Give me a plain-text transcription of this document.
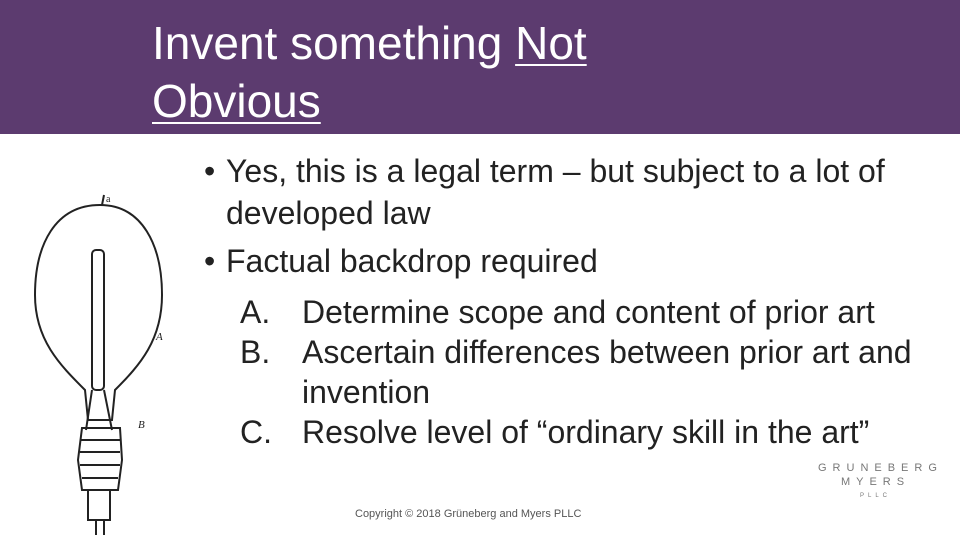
Invent something Not
Obvious
a
A
B
• Yes, this is a legal term – but subject to a lot of developed law
• Factual backdrop required
A. Determine scope and content of prior art
B. Ascertain differences between prior art and invention
C. Resolve level of “ordinary skill in the art”
Copyright © 2018 Grüneberg and Myers PLLC
GRUNEBERG
MYERS
PLLC
